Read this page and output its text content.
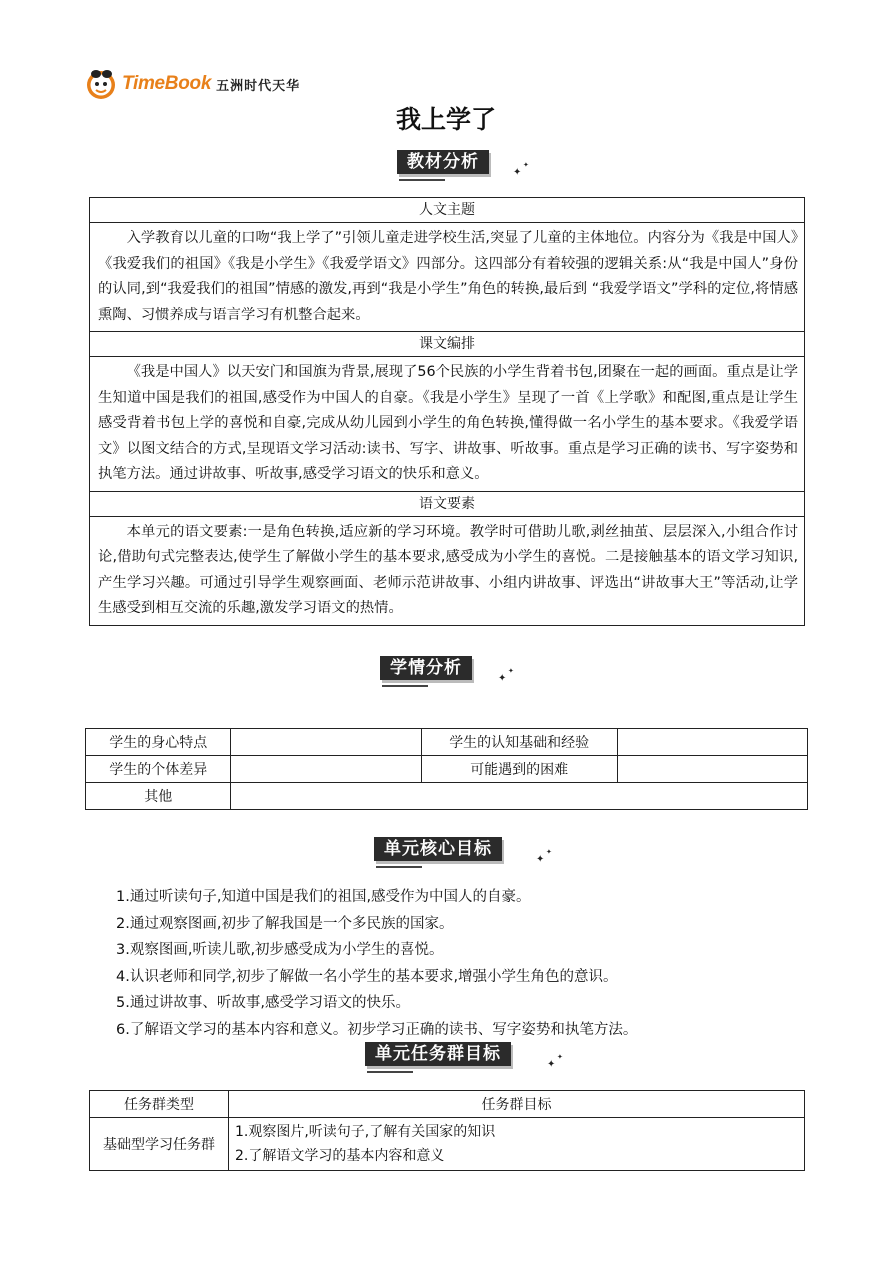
TimeBook 五洲时代天华
我上学了
教材分析
✦
✦
人文主题
入学教育以儿童的口吻“我上学了”引领儿童走进学校生活,突显了儿童的主体地位。内容分为《我是中国人》《我爱我们的祖国》《我是小学生》《我爱学语文》四部分。这四部分有着较强的逻辑关系:从“我是中国人”身份的认同,到“我爱我们的祖国”情感的激发,再到“我是小学生”角色的转换,最后到 “我爱学语文”学科的定位,将情感熏陶、习惯养成与语言学习有机整合起来。
课文编排
《我是中国人》以天安门和国旗为背景,展现了56个民族的小学生背着书包,团聚在一起的画面。重点是让学生知道中国是我们的祖国,感受作为中国人的自豪。《我是小学生》呈现了一首《上学歌》和配图,重点是让学生感受背着书包上学的喜悦和自豪,完成从幼儿园到小学生的角色转换,懂得做一名小学生的基本要求。《我爱学语文》以图文结合的方式,呈现语文学习活动:读书、写字、讲故事、听故事。重点是学习正确的读书、写字姿势和执笔方法。通过讲故事、听故事,感受学习语文的快乐和意义。
语文要素
本单元的语文要素:一是角色转换,适应新的学习环境。教学时可借助儿歌,剥丝抽茧、层层深入,小组合作讨论,借助句式完整表达,使学生了解做小学生的基本要求,感受成为小学生的喜悦。二是接触基本的语文学习知识,产生学习兴趣。可通过引导学生观察画面、老师示范讲故事、小组内讲故事、评选出“讲故事大王”等活动,让学生感受到相互交流的乐趣,激发学习语文的热情。
学情分析
✦
✦
学生的身心特点		学生的认知基础和经验	
学生的个体差异		可能遇到的困难	
其他			
单元核心目标
✦
✦
1.通过听读句子,知道中国是我们的祖国,感受作为中国人的自豪。
2.通过观察图画,初步了解我国是一个多民族的国家。
3.观察图画,听读儿歌,初步感受成为小学生的喜悦。
4.认识老师和同学,初步了解做一名小学生的基本要求,增强小学生角色的意识。
5.通过讲故事、听故事,感受学习语文的快乐。
6.了解语文学习的基本内容和意义。初步学习正确的读书、写字姿势和执笔方法。
单元任务群目标
✦
✦
任务群类型	任务群目标
基础型学习任务群	1.观察图片,听读句子,了解有关国家的知识
2.了解语文学习的基本内容和意义
